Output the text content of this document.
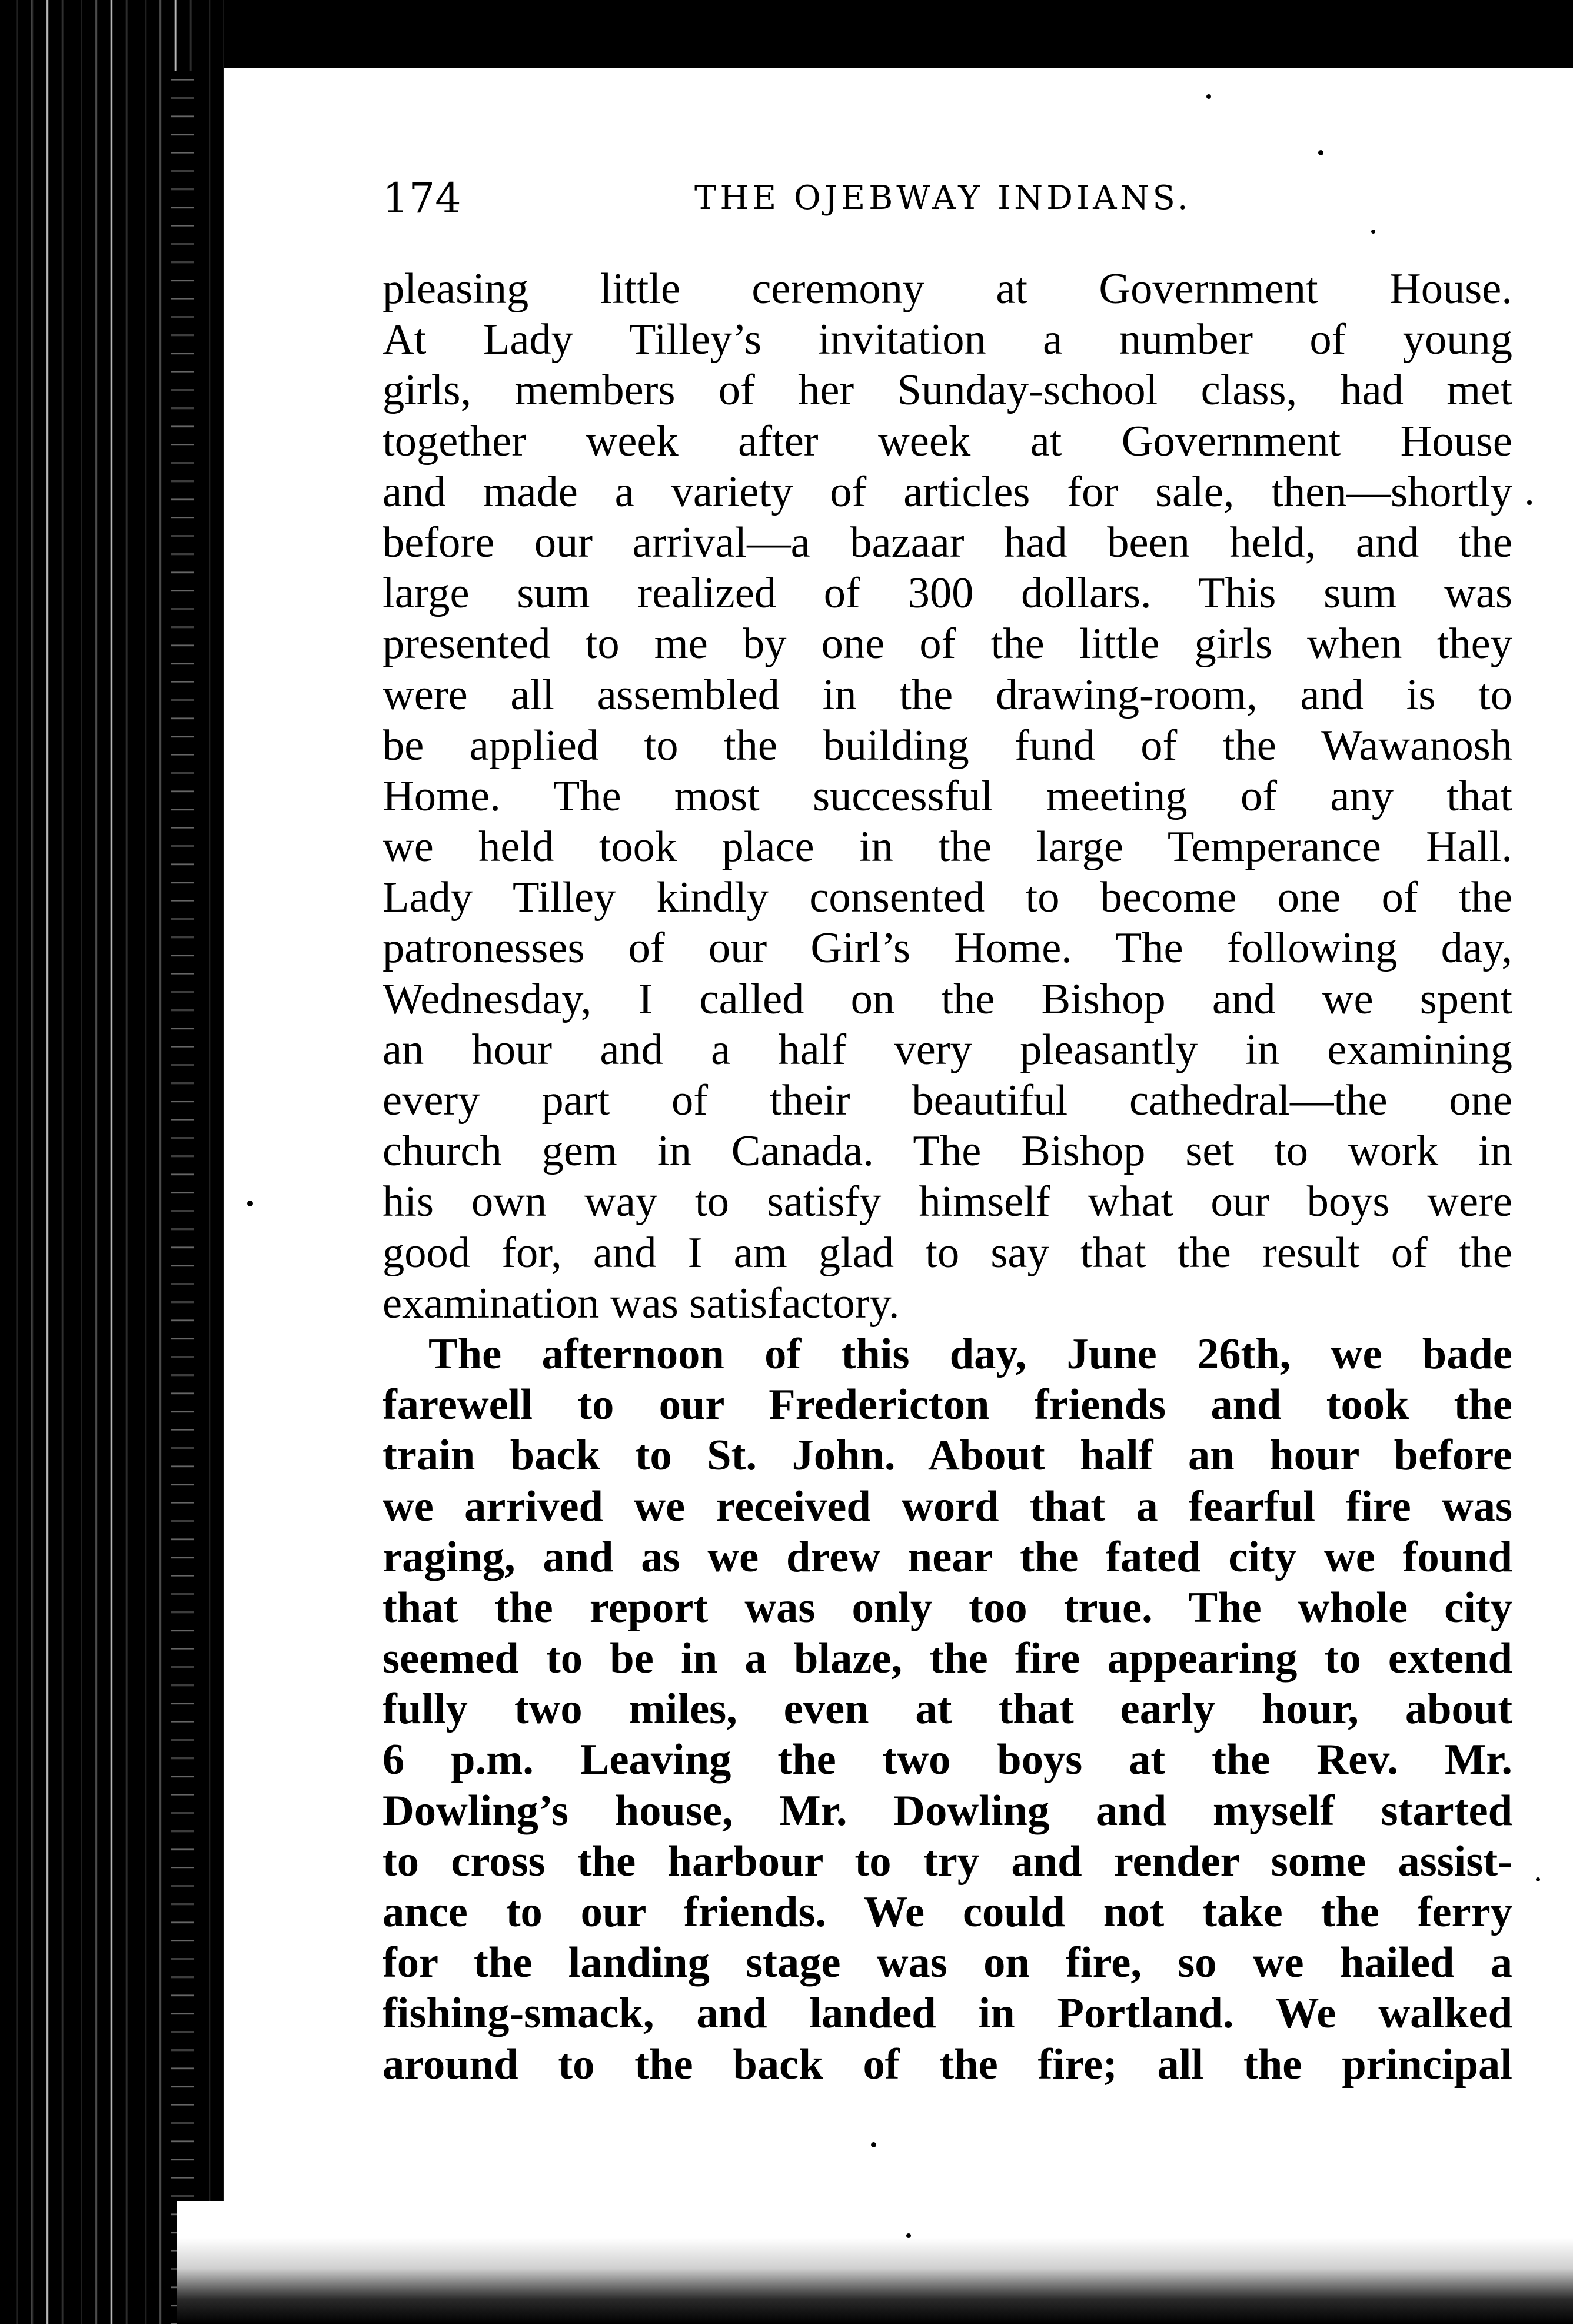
174	THE OJEBWAY INDIANS.
pleasing little ceremony at Government House.
At Lady Tilley’s invitation a number of young
girls, members of her Sunday-school class, had met
together week after week at Government House
and made a variety of articles for sale, then—shortly
before our arrival—a bazaar had been held, and the
large sum realized of 300 dollars. This sum was
presented to me by one of the little girls when they
were all assembled in the drawing-room, and is to
be applied to the building fund of the Wawanosh
Home. The most successful meeting of any that
we held took place in the large Temperance Hall.
Lady Tilley kindly consented to become one of the
patronesses of our Girl’s Home. The following day,
Wednesday, I called on the Bishop and we spent
an hour and a half very pleasantly in examining
every part of their beautiful cathedral—the one
church gem in Canada. The Bishop set to work in
his own way to satisfy himself what our boys were
good for, and I am glad to say that the result of the
examination was satisfactory.
The afternoon of this day, June 26th, we bade
farewell to our Fredericton friends and took the
train back to St. John. About half an hour before
we arrived we received word that a fearful fire was
raging, and as we drew near the fated city we found
that the report was only too true. The whole city
seemed to be in a blaze, the fire appearing to extend
fully two miles, even at that early hour, about
6 p.m. Leaving the two boys at the Rev. Mr.
Dowling’s house, Mr. Dowling and myself started
to cross the harbour to try and render some assist-
ance to our friends. We could not take the ferry
for the landing stage was on fire, so we hailed a
fishing-smack, and landed in Portland. We walked
around to the back of the fire; all the principal
